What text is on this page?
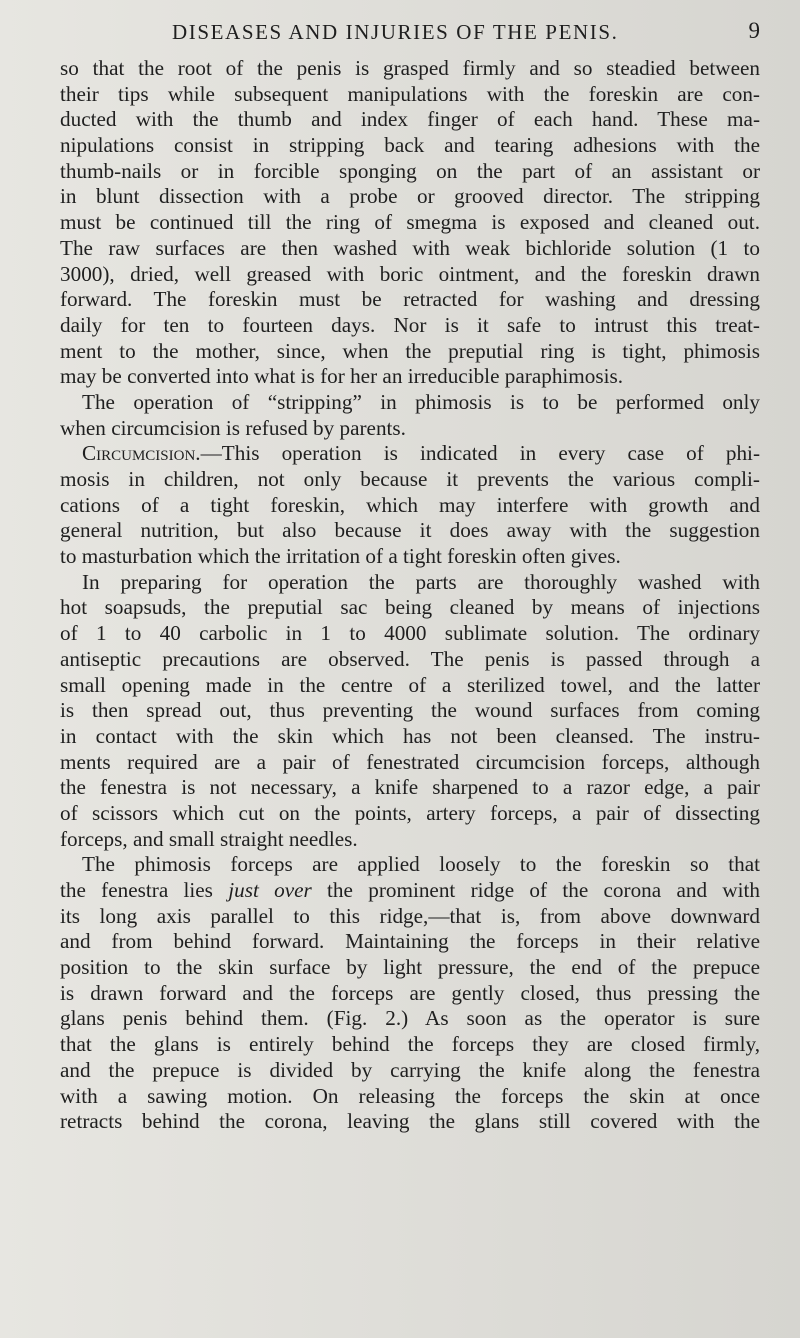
DISEASES AND INJURIES OF THE PENIS.	9
so that the root of the penis is grasped firmly and so steadied between
their tips while subsequent manipulations with the foreskin are con-
ducted with the thumb and index finger of each hand. These ma-
nipulations consist in stripping back and tearing adhesions with the
thumb-nails or in forcible sponging on the part of an assistant or
in blunt dissection with a probe or grooved director. The stripping
must be continued till the ring of smegma is exposed and cleaned out.
The raw surfaces are then washed with weak bichloride solution (1 to
3000), dried, well greased with boric ointment, and the foreskin drawn
forward. The foreskin must be retracted for washing and dressing
daily for ten to fourteen days. Nor is it safe to intrust this treat-
ment to the mother, since, when the preputial ring is tight, phimosis
may be converted into what is for her an irreducible paraphimosis.
The operation of “stripping” in phimosis is to be performed only
when circumcision is refused by parents.
Circumcision.—This operation is indicated in every case of phi-
mosis in children, not only because it prevents the various compli-
cations of a tight foreskin, which may interfere with growth and
general nutrition, but also because it does away with the suggestion
to masturbation which the irritation of a tight foreskin often gives.
In preparing for operation the parts are thoroughly washed with
hot soapsuds, the preputial sac being cleaned by means of injections
of 1 to 40 carbolic in 1 to 4000 sublimate solution. The ordinary
antiseptic precautions are observed. The penis is passed through a
small opening made in the centre of a sterilized towel, and the latter
is then spread out, thus preventing the wound surfaces from coming
in contact with the skin which has not been cleansed. The instru-
ments required are a pair of fenestrated circumcision forceps, although
the fenestra is not necessary, a knife sharpened to a razor edge, a pair
of scissors which cut on the points, artery forceps, a pair of dissecting
forceps, and small straight needles.
The phimosis forceps are applied loosely to the foreskin so that
the fenestra lies just over the prominent ridge of the corona and with
its long axis parallel to this ridge,—that is, from above downward
and from behind forward. Maintaining the forceps in their relative
position to the skin surface by light pressure, the end of the prepuce
is drawn forward and the forceps are gently closed, thus pressing the
glans penis behind them. (Fig. 2.) As soon as the operator is sure
that the glans is entirely behind the forceps they are closed firmly,
and the prepuce is divided by carrying the knife along the fenestra
with a sawing motion. On releasing the forceps the skin at once
retracts behind the corona, leaving the glans still covered with the
